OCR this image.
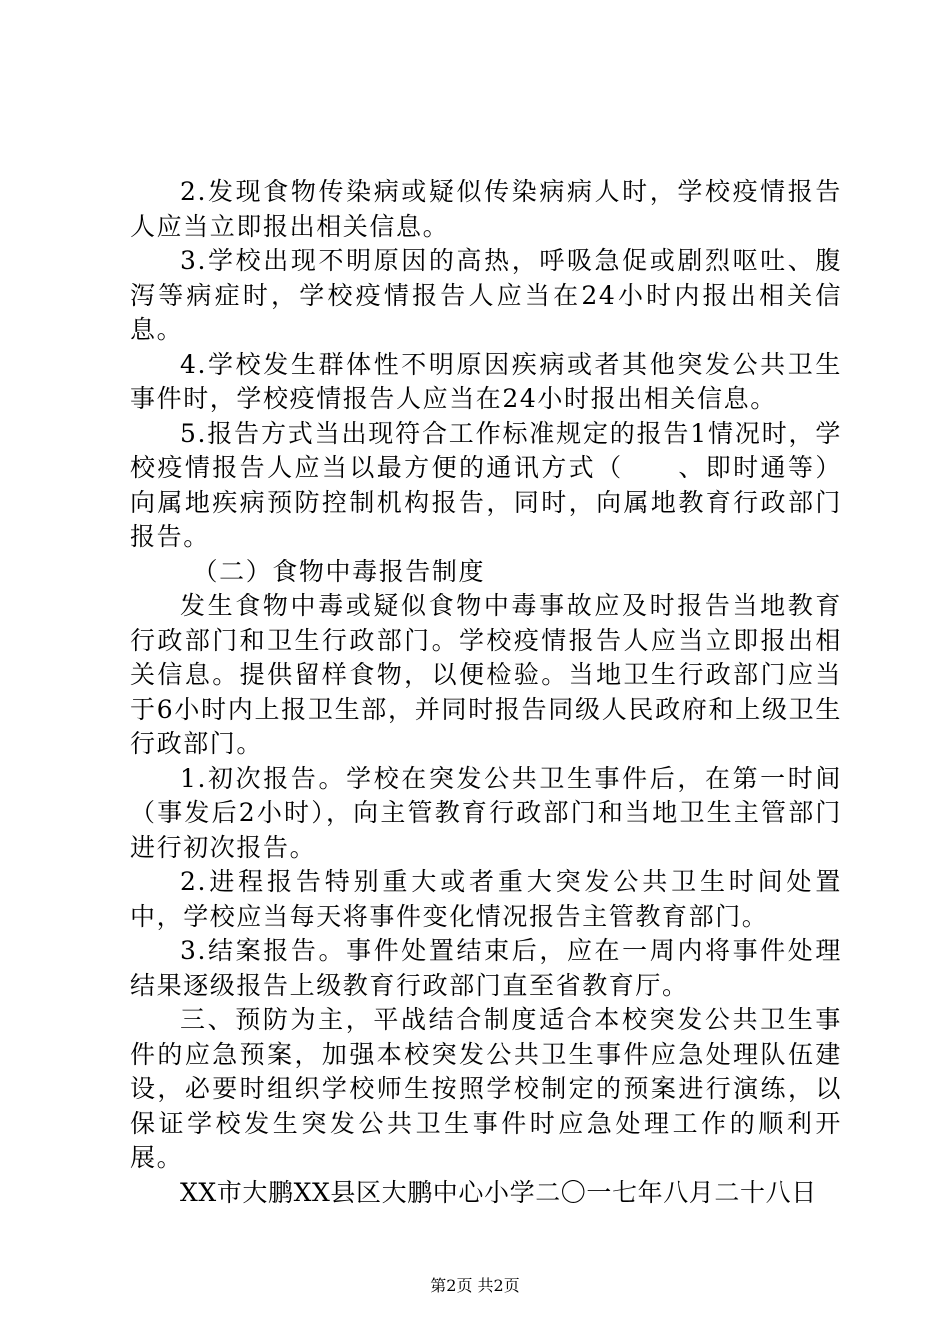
2.发现食物传染病或疑似传染病病人时，学校疫情报告人应当立即报出相关信息。

3.学校出现不明原因的高热，呼吸急促或剧烈呕吐、腹泻等病症时，学校疫情报告人应当在24小时内报出相关信息。

4.学校发生群体性不明原因疾病或者其他突发公共卫生事件时，学校疫情报告人应当在24小时报出相关信息。

5.报告方式当出现符合工作标准规定的报告1情况时，学校疫情报告人应当以最方便的通讯方式（　　、即时通等）向属地疾病预防控制机构报告，同时，向属地教育行政部门报告。

（二）食物中毒报告制度

发生食物中毒或疑似食物中毒事故应及时报告当地教育行政部门和卫生行政部门。学校疫情报告人应当立即报出相关信息。提供留样食物，以便检验。当地卫生行政部门应当于6小时内上报卫生部，并同时报告同级人民政府和上级卫生行政部门。

1.初次报告。学校在突发公共卫生事件后，在第一时间（事发后2小时），向主管教育行政部门和当地卫生主管部门进行初次报告。

2.进程报告特别重大或者重大突发公共卫生时间处置中，学校应当每天将事件变化情况报告主管教育部门。

3.结案报告。事件处置结束后，应在一周内将事件处理结果逐级报告上级教育行政部门直至省教育厅。

三、预防为主，平战结合制度适合本校突发公共卫生事件的应急预案，加强本校突发公共卫生事件应急处理队伍建设，必要时组织学校师生按照学校制定的预案进行演练，以保证学校发生突发公共卫生事件时应急处理工作的顺利开展。

XX市大鹏XX县区大鹏中心小学二〇一七年八月二十八日

第2页 共2页
